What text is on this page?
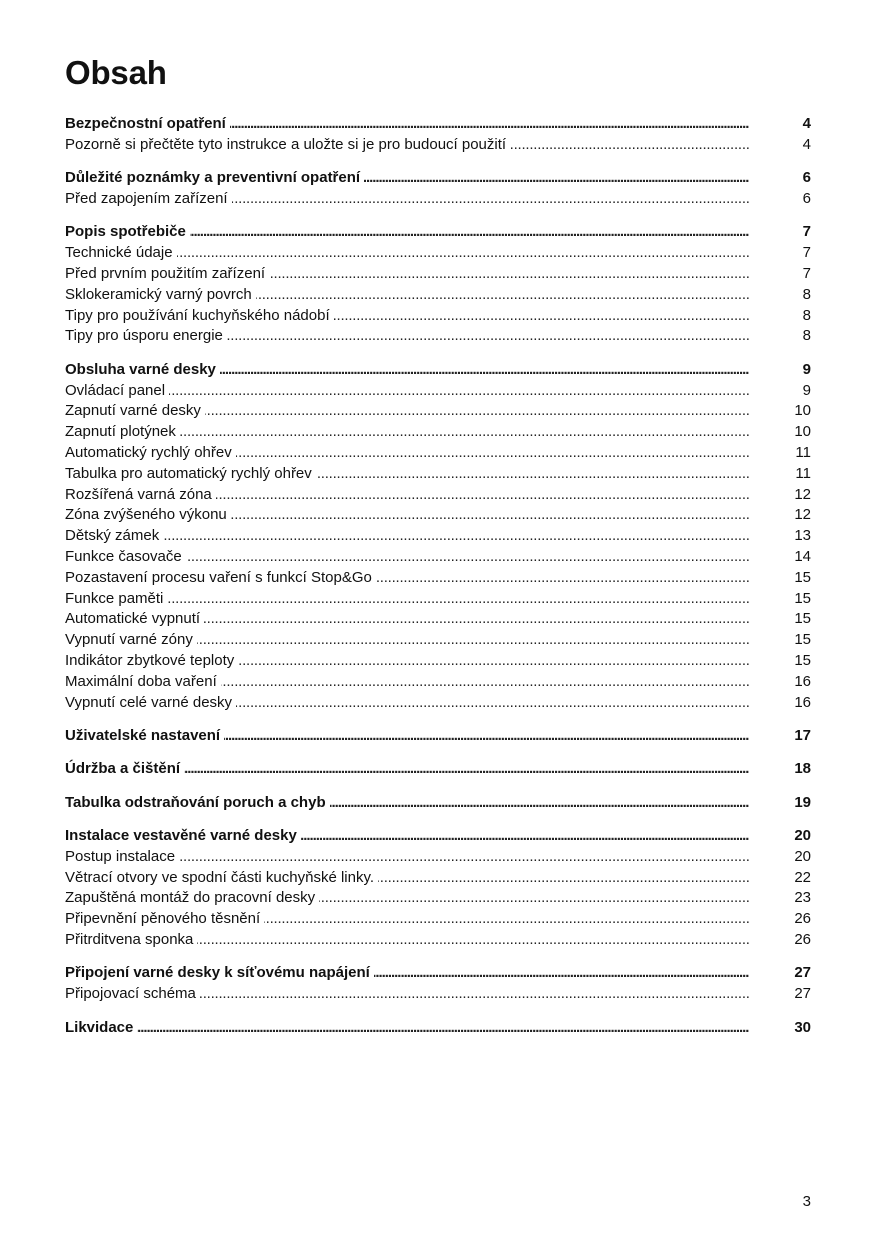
Obsah
Bezpečnostní opatření . . .	4
Pozorně si přečtěte tyto instrukce a uložte si je pro budoucí použití . . .	4
Důležité poznámky a preventivní opatření . . .	6
Před zapojením zařízení . . .	6
Popis spotřebiče . . .	7
Technické údaje . . .	7
Před prvním použitím zařízení . . .	7
Sklokeramický varný povrch . . .	8
Tipy pro používání kuchyňského nádobí . . .	8
Tipy pro úsporu energie . . .	8
Obsluha varné desky . . .	9
Ovládací panel . . .	9
Zapnutí varné desky . . .	10
Zapnutí plotýnek . . .	10
Automatický rychlý ohřev . . .	11
Tabulka pro automatický rychlý ohřev . . .	11
Rozšířená varná zóna . . .	12
Zóna zvýšeného výkonu . . .	12
Dětský zámek . . .	13
Funkce časovače . . .	14
Pozastavení procesu vaření s funkcí Stop&Go . . .	15
Funkce paměti . . .	15
Automatické vypnutí . . .	15
Vypnutí varné zóny . . .	15
Indikátor zbytkové teploty . . .	15
Maximální doba vaření . . .	16
Vypnutí celé varné desky . . .	16
Uživatelské nastavení . . .	17
Údržba a čištění . . .	18
Tabulka odstraňování poruch a chyb . . .	19
Instalace vestavěné varné desky . . .	20
Postup instalace . . .	20
Větrací otvory ve spodní části kuchyňské linky. . . .	22
Zapuštěná montáž do pracovní desky . . .	23
Připevnění pěnového těsnění . . .	26
Přitrditvena sponka . . .	26
Připojení varné desky k síťovému napájení . . .	27
Připojovací schéma . . .	27
Likvidace . . .	30
3
